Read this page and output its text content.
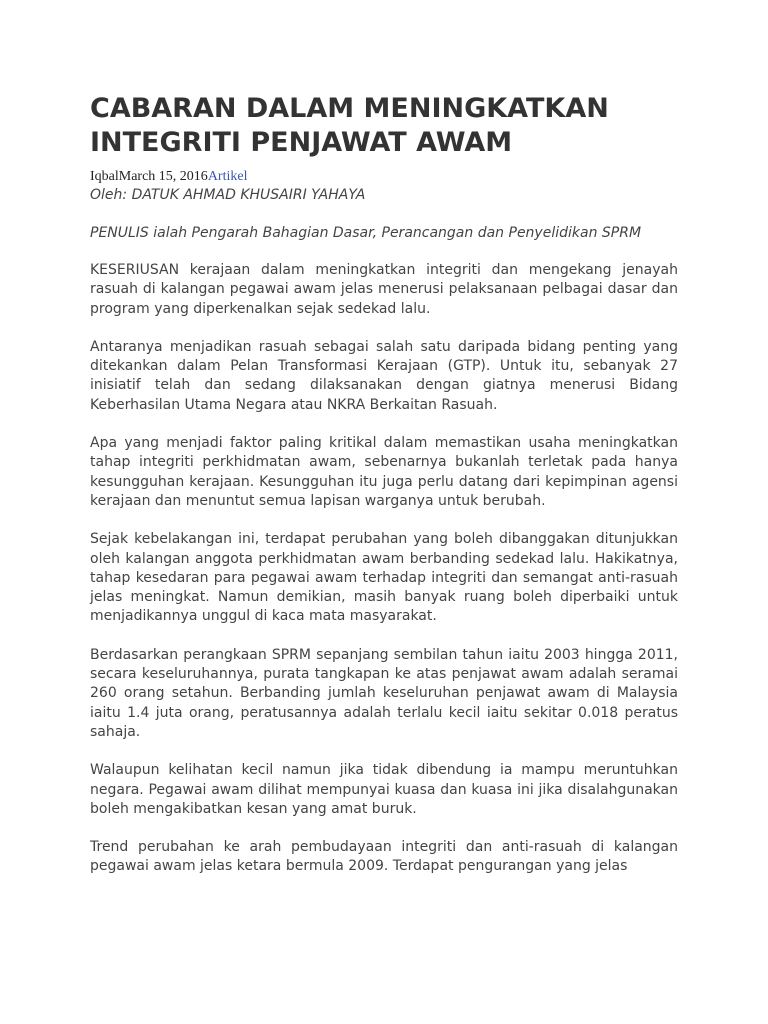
CABARAN DALAM MENINGKATKAN INTEGRITI PENJAWAT AWAM
IqbalMarch 15, 2016Artikel
Oleh: DATUK AHMAD KHUSAIRI YAHAYA
PENULIS ialah Pengarah Bahagian Dasar, Perancangan dan Penyelidikan SPRM

KESERIUSAN kerajaan dalam meningkatkan integriti dan mengekang jenayah rasuah di kalangan pegawai awam jelas menerusi pelaksanaan pelbagai dasar dan program yang diperkenalkan sejak sedekad lalu.

Antaranya menjadikan rasuah sebagai salah satu daripada bidang penting yang ditekankan dalam Pelan Transformasi Kerajaan (GTP). Untuk itu, sebanyak 27 inisiatif telah dan sedang dilaksanakan dengan giatnya menerusi Bidang Keberhasilan Utama Negara atau NKRA Berkaitan Rasuah.

Apa yang menjadi faktor paling kritikal dalam memastikan usaha meningkatkan tahap integriti perkhidmatan awam, sebenarnya bukanlah terletak pada hanya kesungguhan kerajaan. Kesungguhan itu juga perlu datang dari kepimpinan agensi kerajaan dan menuntut semua lapisan warganya untuk berubah.

Sejak kebelakangan ini, terdapat perubahan yang boleh dibanggakan ditunjukkan oleh kalangan anggota perkhidmatan awam berbanding sedekad lalu. Hakikatnya, tahap kesedaran para pegawai awam terhadap integriti dan semangat anti-rasuah jelas meningkat. Namun demikian, masih banyak ruang boleh diperbaiki untuk menjadikannya unggul di kaca mata masyarakat.

Berdasarkan perangkaan SPRM sepanjang sembilan tahun iaitu 2003 hingga 2011, secara keseluruhannya, purata tangkapan ke atas penjawat awam adalah seramai 260 orang setahun. Berbanding jumlah keseluruhan penjawat awam di Malaysia iaitu 1.4 juta orang, peratusannya adalah terlalu kecil iaitu sekitar 0.018 peratus sahaja.

Walaupun kelihatan kecil namun jika tidak dibendung ia mampu meruntuhkan negara. Pegawai awam dilihat mempunyai kuasa dan kuasa ini jika disalahgunakan boleh mengakibatkan kesan yang amat buruk.

Trend perubahan ke arah pembudayaan integriti dan anti-rasuah di kalangan pegawai awam jelas ketara bermula 2009. Terdapat pengurangan yang jelas
